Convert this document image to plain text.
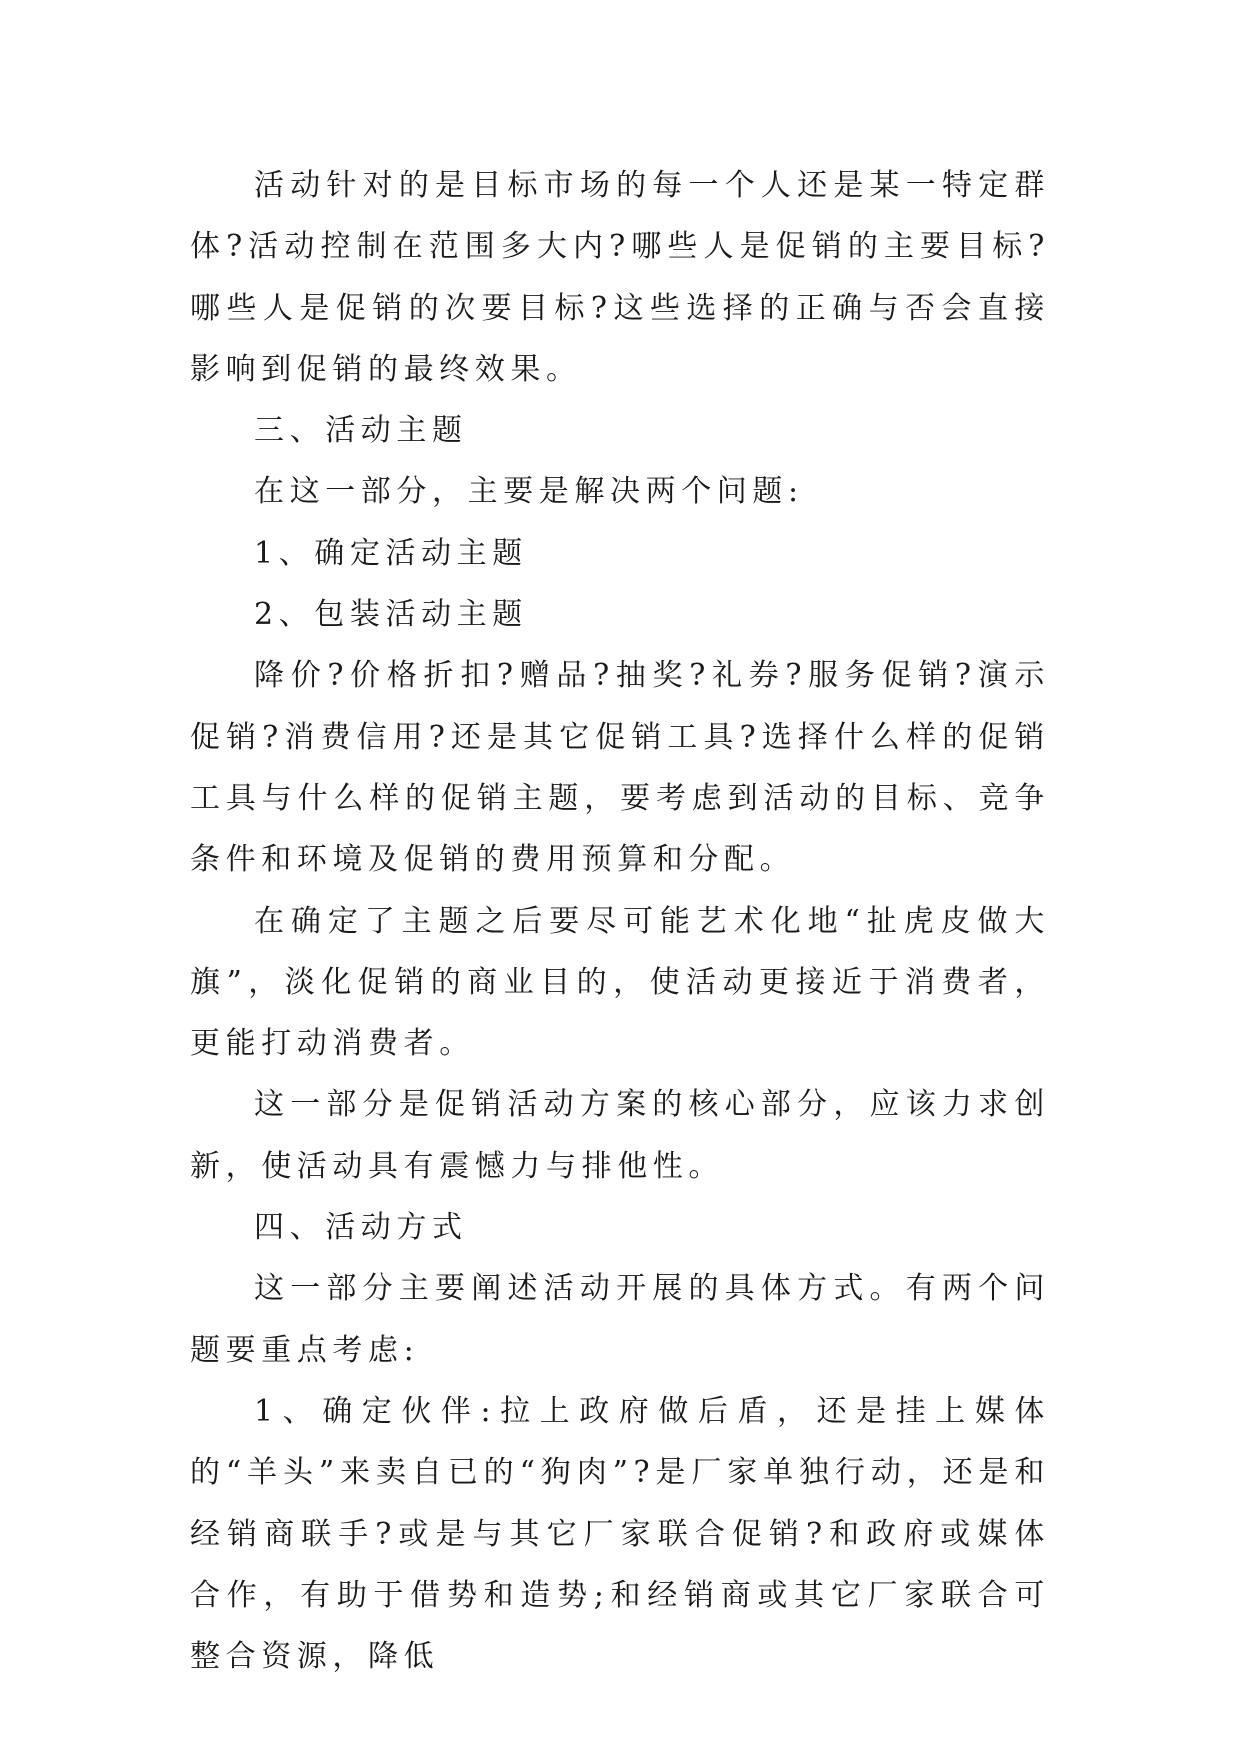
活动针对的是目标市场的每一个人还是某一特定群体?活动控制在范围多大内?哪些人是促销的主要目标?哪些人是促销的次要目标?这些选择的正确与否会直接影响到促销的最终效果。

三、活动主题

在这一部分，主要是解决两个问题:

1、确定活动主题

2、包装活动主题

降价?价格折扣?赠品?抽奖?礼券?服务促销?演示促销?消费信用?还是其它促销工具?选择什么样的促销工具与什么样的促销主题，要考虑到活动的目标、竞争条件和环境及促销的费用预算和分配。

在确定了主题之后要尽可能艺术化地“扯虎皮做大旗”，淡化促销的商业目的，使活动更接近于消费者，更能打动消费者。

这一部分是促销活动方案的核心部分，应该力求创新，使活动具有震憾力与排他性。

四、活动方式

这一部分主要阐述活动开展的具体方式。有两个问题要重点考虑:

1、确定伙伴:拉上政府做后盾，还是挂上媒体的“羊头”来卖自已的“狗肉”?是厂家单独行动，还是和经销商联手?或是与其它厂家联合促销?和政府或媒体合作，有助于借势和造势;和经销商或其它厂家联合可整合资源，降低
